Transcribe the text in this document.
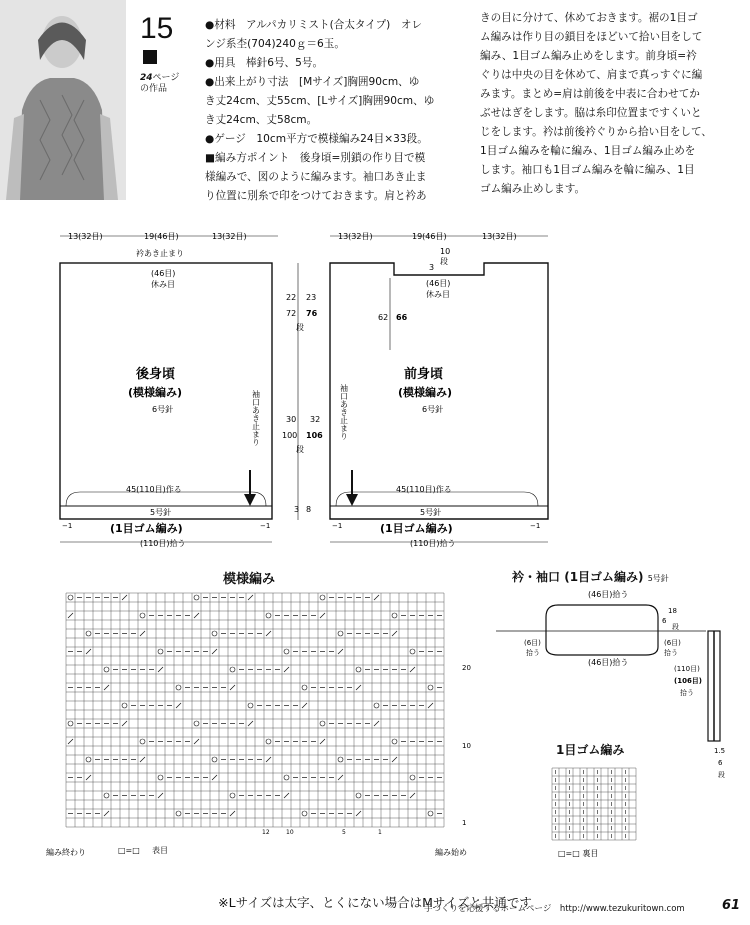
15
24ページ
の作品
●材料　アルパカリミスト(合太タイプ)　オレ
ンジ系杢(704)240ｇ＝6玉。
●用具　棒針6号、5号。
●出来上がり寸法　[Mサイズ]胸囲90cm、ゆ
き丈24cm、丈55cm、[Lサイズ]胸囲90cm、ゆ
き丈24cm、丈58cm。
●ゲージ　10cm平方で模様編み24目×33段。
■編み方ポイント　後身頃=別鎖の作り目で模
様編みで、図のように編みます。袖口あき止ま
り位置に別糸で印をつけておきます。肩と衿あ
きの目に分けて、休めておきます。裾の1目ゴ
ム編みは作り目の鎖目をほどいて拾い目をして
編み、1目ゴム編み止めをします。前身頃=衿
ぐりは中央の目を休めて、肩まで真っすぐに編
みます。まとめ=肩は前後を中表に合わせてか
ぶせはぎをします。脇は糸印位置まですくいと
じをします。衿は前後衿ぐりから拾い目をして、
1目ゴム編みを輪に編み、1目ゴム編み止めを
します。袖口も1目ゴム編みを輪に編み、1目
ゴム編み止めします。
13(32目)	19(46目)	13(32目)
衿あき止まり
(46目)
休み目
後身頃
(模様編み)
6号針	袖口あき止まり
45(110目)作る
5号針
(1目ゴム編み)
−1	−1
(110目)拾う
22 23
72 76
段
30 32
100 106
段
3 8
13(32目)	19(46目)	13(32目)
10
段
3
(46目)
休み目
62 66
前身頃
(模様編み)
6号針
袖口あき止まり
45(110目)作る
5号針
(1目ゴム編み)
−1	−1
(110目)拾う
模様編み
20
10
1
12	10	5	1
編み終わり	編み始め
□=□ 表目
衿・袖口 (1目ゴム編み) 5号針
(46目)拾う
(46目)拾う
(6目)
拾う
(6目)
拾う
18
6
段
(110目)
(106目)
拾う
1.5
6
段
1目ゴム編み
□=□ 裏目
※Lサイズは太字、とくにない場合はMサイズと共通です
手づくりを応援するホームページ　http://www.tezukuritown.com	61
